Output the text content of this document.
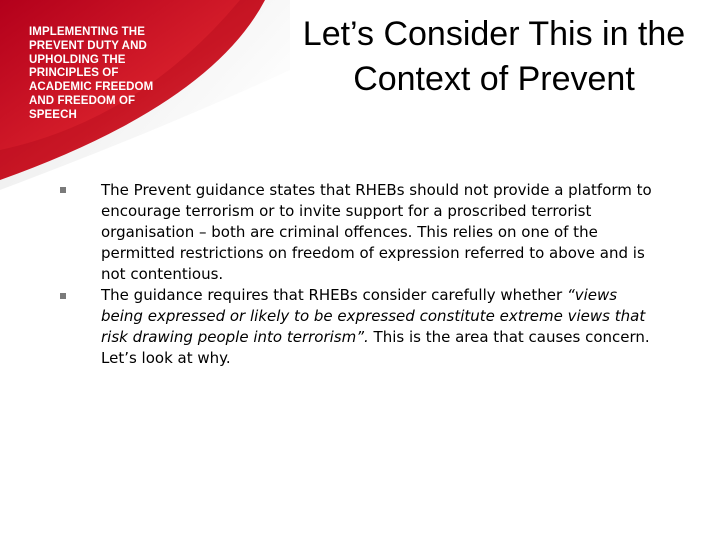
IMPLEMENTING THE
PREVENT DUTY AND
UPHOLDING THE
PRINCIPLES OF
ACADEMIC FREEDOM
AND FREEDOM OF
SPEECH
Let’s Consider This in the
Context of Prevent
The Prevent guidance states that RHEBs should not provide a platform to
encourage terrorism or to invite support for a proscribed terrorist
organisation – both are criminal offences. This relies on one of the
permitted restrictions on freedom of expression referred to above and is
not contentious.
The guidance requires that RHEBs consider carefully whether “views
being expressed or likely to be expressed constitute extreme views that
risk drawing people into terrorism”. This is the area that causes concern.
Let’s look at why.
